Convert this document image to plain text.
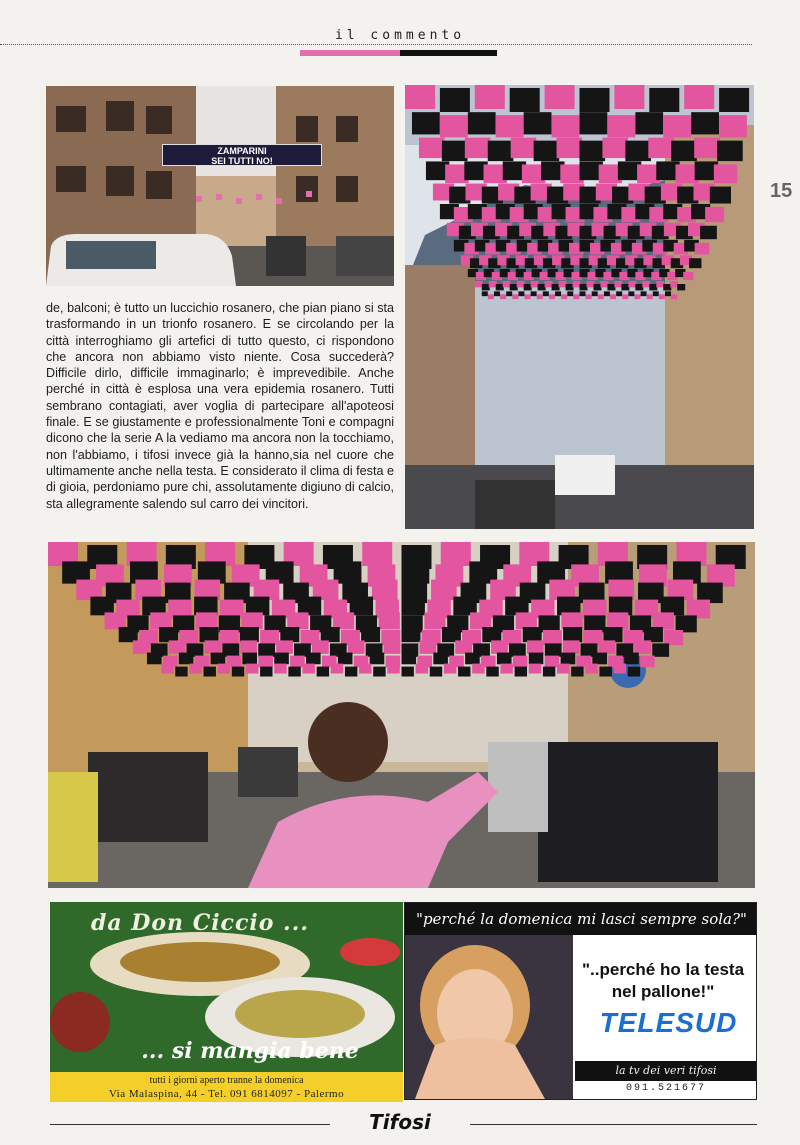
il commento
15
ZAMPARINI
SEI TUTTI NO!
de, balconi; è tutto un luccichio rosanero, che pian piano si sta trasformando in un trionfo rosanero. E se circolando per la città interroghiamo gli artefici di tutto questo, ci rispondono che ancora non abbiamo visto niente. Cosa succederà? Difficile dirlo, difficile immaginarlo; è imprevedibile. Anche perché in città è esplosa una vera epidemia rosanero. Tutti sembrano contagiati, aver voglia di partecipare all'apoteosi finale. E se giustamente e professionalmente Toni e compagni dicono che la serie A la vediamo ma ancora non la tocchiamo, non l'abbiamo, i tifosi invece già la hanno,sia nel cuore che ultimamente anche nella testa. E considerato il clima di festa e di gioia, perdoniamo pure chi, assolutamente digiuno di calcio, sta allegramente salendo sul carro dei vincitori.
da Don Ciccio ...
... si mangia bene
tutti i giorni aperto tranne la domenica
Via Malaspina, 44 - Tel. 091 6814097 - Palermo
"perché la domenica mi lasci sempre sola?"
"..perché ho la testa nel pallone!"
TELESUD
la tv dei veri tifosi
091.521677
Tifosi
